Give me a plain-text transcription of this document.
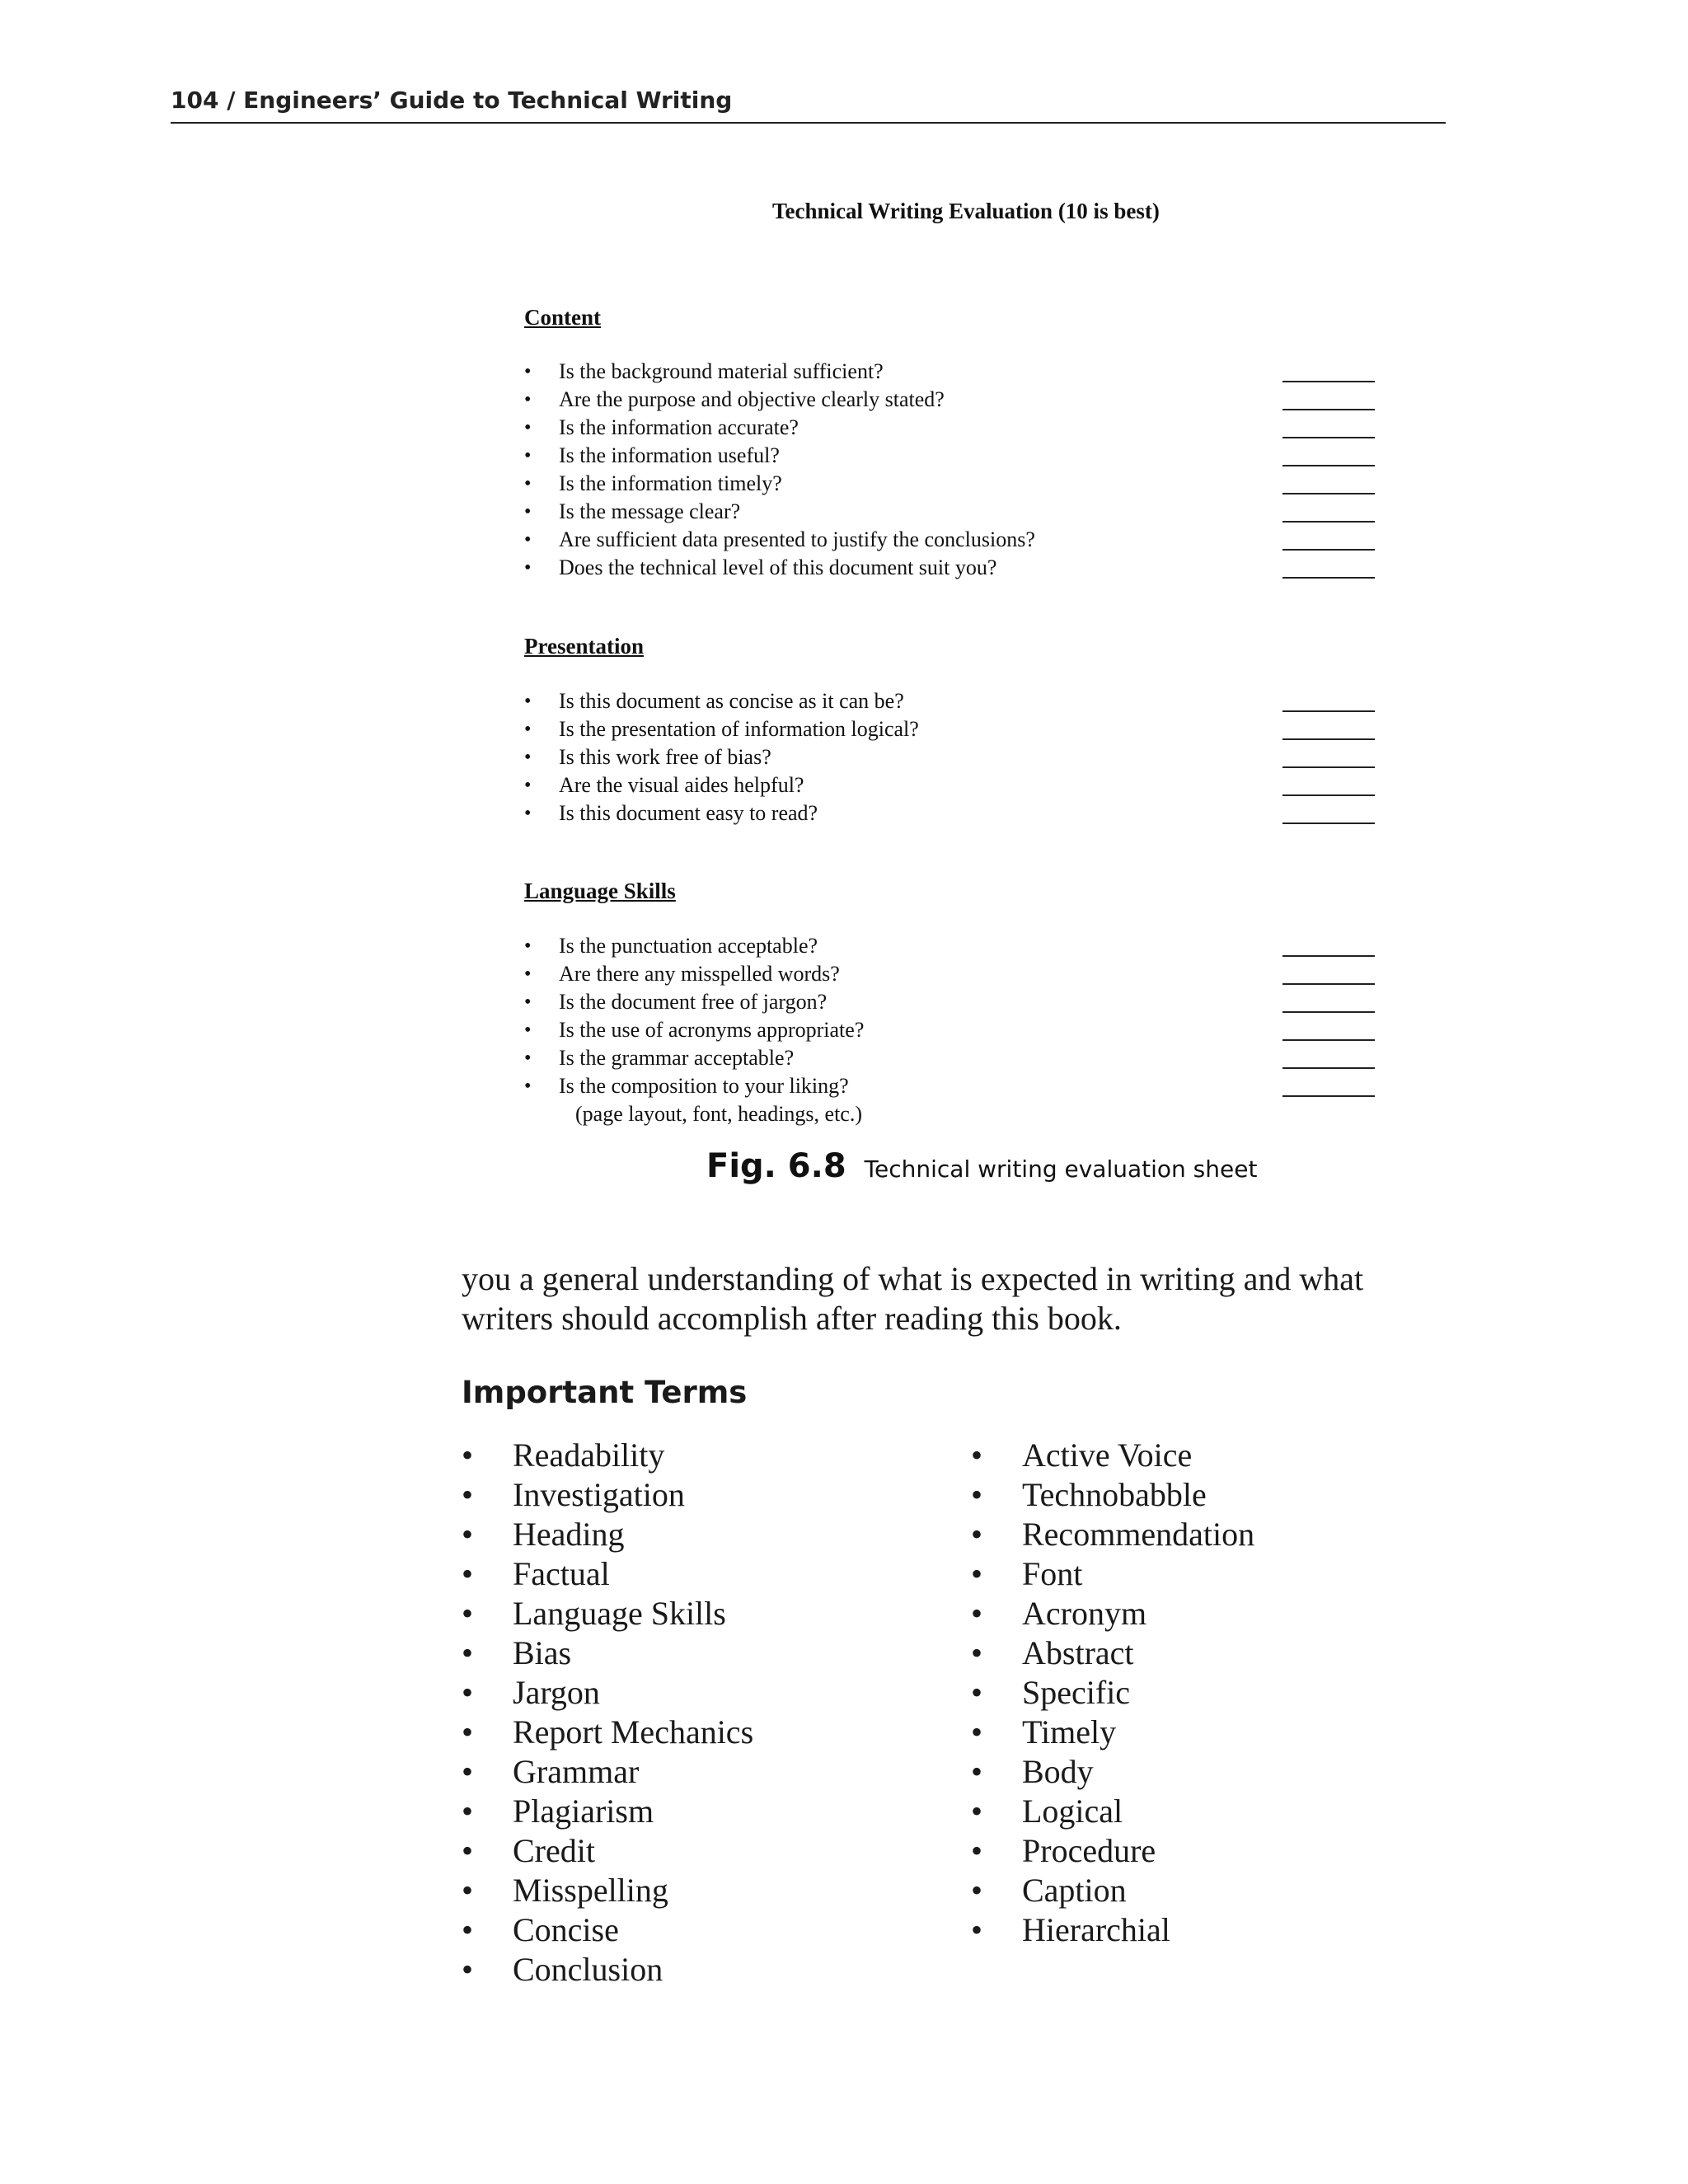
104 / Engineers’ Guide to Technical Writing
Technical Writing Evaluation (10 is best)
Content
• Is the background material sufficient?
• Are the purpose and objective clearly stated?
• Is the information accurate?
• Is the information useful?
• Is the information timely?
• Is the message clear?
• Are sufficient data presented to justify the conclusions?
• Does the technical level of this document suit you?
Presentation
• Is this document as concise as it can be?
• Is the presentation of information logical?
• Is this work free of bias?
• Are the visual aides helpful?
• Is this document easy to read?
Language Skills
• Is the punctuation acceptable?
• Are there any misspelled words?
• Is the document free of jargon?
• Is the use of acronyms appropriate?
• Is the grammar acceptable?
• Is the composition to your liking?
(page layout, font, headings, etc.)
Fig. 6.8 Technical writing evaluation sheet

you a general understanding of what is expected in writing and what writers should accomplish after reading this book.

Important Terms
• Readability
• Investigation
• Heading
• Factual
• Language Skills
• Bias
• Jargon
• Report Mechanics
• Grammar
• Plagiarism
• Credit
• Misspelling
• Concise
• Conclusion
• Active Voice
• Technobabble
• Recommendation
• Font
• Acronym
• Abstract
• Specific
• Timely
• Body
• Logical
• Procedure
• Caption
• Hierarchial
